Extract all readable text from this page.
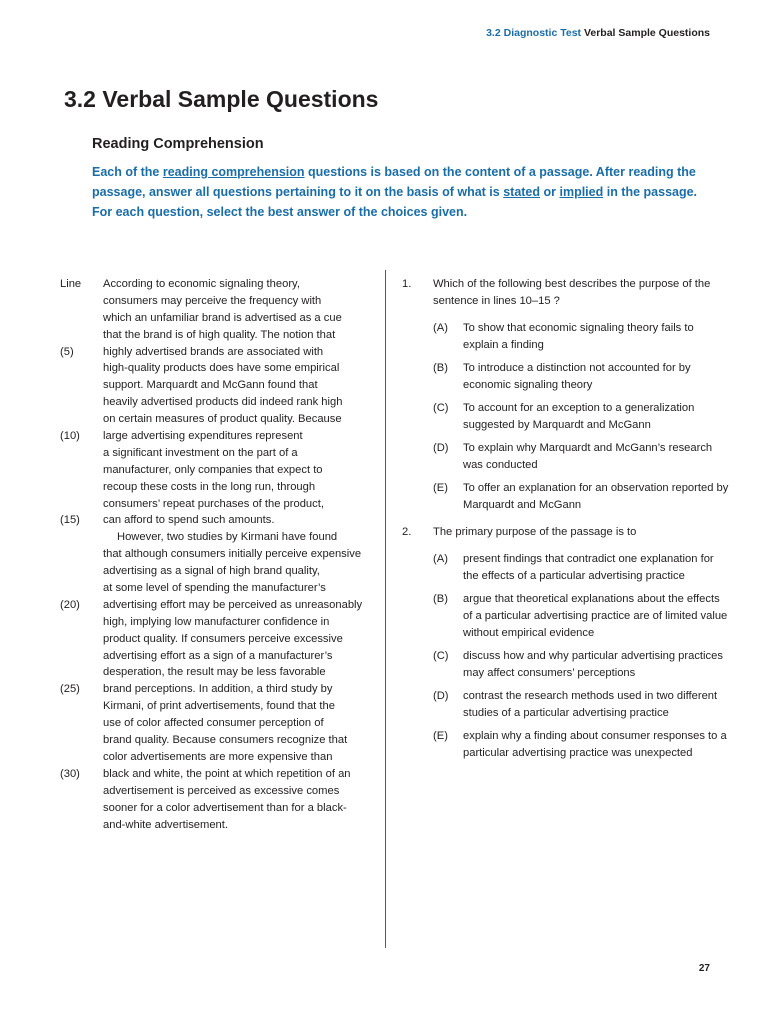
3.2 Diagnostic Test Verbal Sample Questions
3.2 Verbal Sample Questions
Reading Comprehension

Each of the reading comprehension questions is based on the content of a passage. After reading the passage, answer all questions pertaining to it on the basis of what is stated or implied in the passage. For each question, select the best answer of the choices given.

Line According to economic signaling theory,
consumers may perceive the frequency with
which an unfamiliar brand is advertised as a cue
that the brand is of high quality. The notion that
(5)	highly advertised brands are associated with
high-quality products does have some empirical
support. Marquardt and McGann found that
heavily advertised products did indeed rank high
on certain measures of product quality. Because
(10) large advertising expenditures represent
a significant investment on the part of a
manufacturer, only companies that expect to
recoup these costs in the long run, through
consumers’ repeat purchases of the product,
(15) can afford to spend such amounts.
However, two studies by Kirmani have found
that although consumers initially perceive expensive
advertising as a signal of high brand quality,
at some level of spending the manufacturer’s
(20) advertising effort may be perceived as unreasonably
high, implying low manufacturer confidence in
product quality. If consumers perceive excessive
advertising effort as a sign of a manufacturer’s
desperation, the result may be less favorable
(25) brand perceptions. In addition, a third study by
Kirmani, of print advertisements, found that the
use of color affected consumer perception of
brand quality. Because consumers recognize that
color advertisements are more expensive than
(30) black and white, the point at which repetition of an
advertisement is perceived as excessive comes
sooner for a color advertisement than for a black-
and-white advertisement.
1. Which of the following best describes the purpose of the sentence in lines 10–15 ?
(A) To show that economic signaling theory fails to explain a finding
(B) To introduce a distinction not accounted for by economic signaling theory
(C) To account for an exception to a generalization suggested by Marquardt and McGann
(D) To explain why Marquardt and McGann’s research was conducted
(E) To offer an explanation for an observation reported by Marquardt and McGann
2. The primary purpose of the passage is to
(A) present findings that contradict one explanation for the effects of a particular advertising practice
(B) argue that theoretical explanations about the effects of a particular advertising practice are of limited value without empirical evidence
(C) discuss how and why particular advertising practices may affect consumers’ perceptions
(D) contrast the research methods used in two different studies of a particular advertising practice
(E) explain why a finding about consumer responses to a particular advertising practice was unexpected
27
